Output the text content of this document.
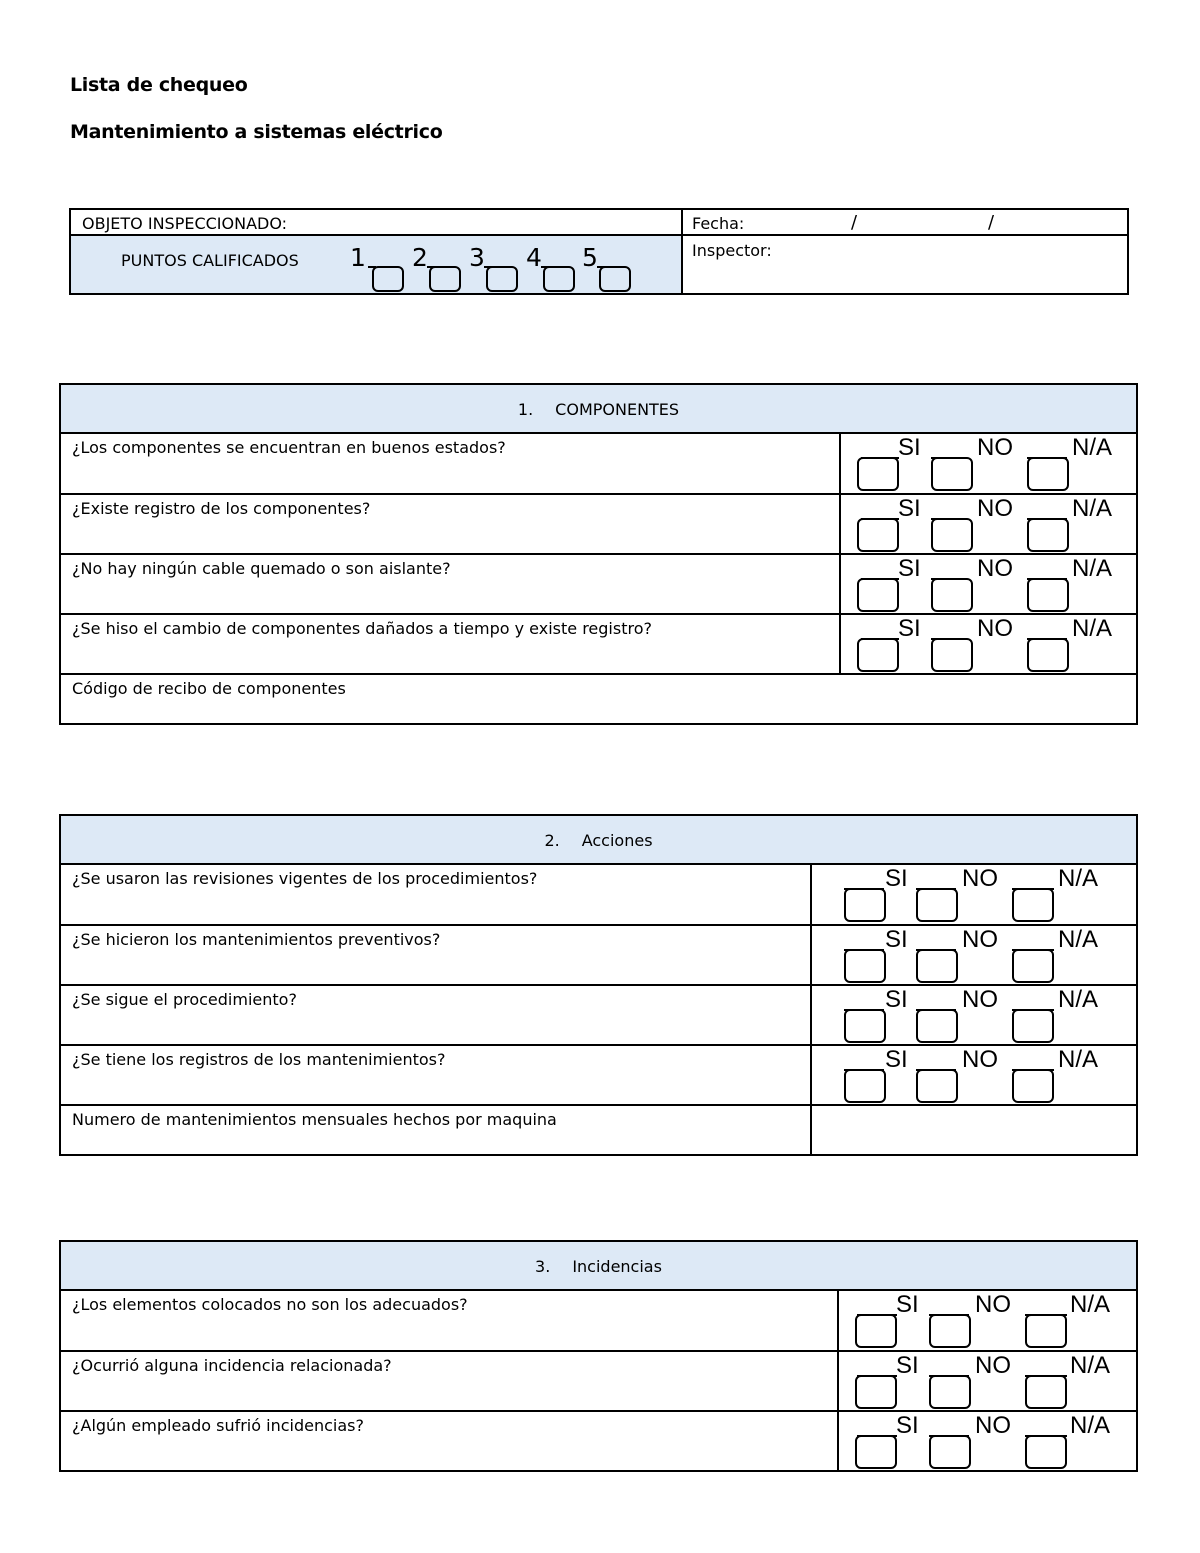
Lista de chequeo
Mantenimiento a sistemas eléctrico
OBJETO INSPECCIONADO:	Fecha:	/	/
PUNTOS CALIFICADOS 1 2 3 4 5	Inspector:
1. COMPONENTES
¿Los componentes se encuentran en buenos estados?	SI NO N/A
¿Existe registro de los componentes?	SI NO N/A
¿No hay ningún cable quemado o son aislante?	SI NO N/A
¿Se hiso el cambio de componentes dañados a tiempo y existe registro?	SI NO N/A
Código de recibo de componentes
2. Acciones
¿Se usaron las revisiones vigentes de los procedimientos?	SI NO	N/A
¿Se hicieron los mantenimientos preventivos?	SI NO	N/A
¿Se sigue el procedimiento?	SI NO	N/A
¿Se tiene los registros de los mantenimientos?	SI NO	N/A
Numero de mantenimientos mensuales hechos por maquina
3. Incidencias
¿Los elementos colocados no son los adecuados?	SI NO N/A
¿Ocurrió alguna incidencia relacionada?	SI NO N/A
¿Algún empleado sufrió incidencias?	SI NO N/A
